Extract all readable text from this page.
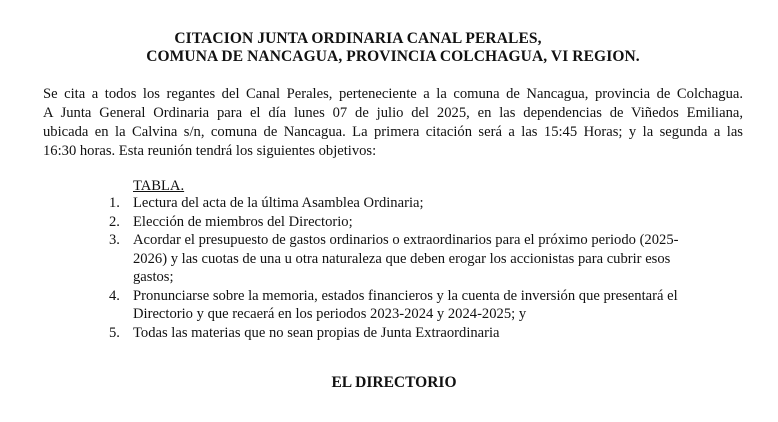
CITACION JUNTA ORDINARIA CANAL PERALES,
COMUNA DE NANCAGUA, PROVINCIA COLCHAGUA, VI REGION.
Se cita a todos los regantes del Canal Perales, perteneciente a la comuna de Nancagua, provincia de Colchagua.
A Junta General Ordinaria para el día lunes 07 de julio del 2025, en las dependencias de Viñedos Emiliana,
ubicada en la Calvina s/n, comuna de Nancagua. La primera citación será a las 15:45 Horas; y la segunda a las
16:30 horas. Esta reunión tendrá los siguientes objetivos:
TABLA.
1. Lectura del acta de la última Asamblea Ordinaria;
2. Elección de miembros del Directorio;
3. Acordar el presupuesto de gastos ordinarios o extraordinarios para el próximo periodo (2025-
2026) y las cuotas de una u otra naturaleza que deben erogar los accionistas para cubrir esos
gastos;
4. Pronunciarse sobre la memoria, estados financieros y la cuenta de inversión que presentará el
Directorio y que recaerá en los periodos 2023-2024 y 2024-2025; y
5. Todas las materias que no sean propias de Junta Extraordinaria
EL DIRECTORIO
